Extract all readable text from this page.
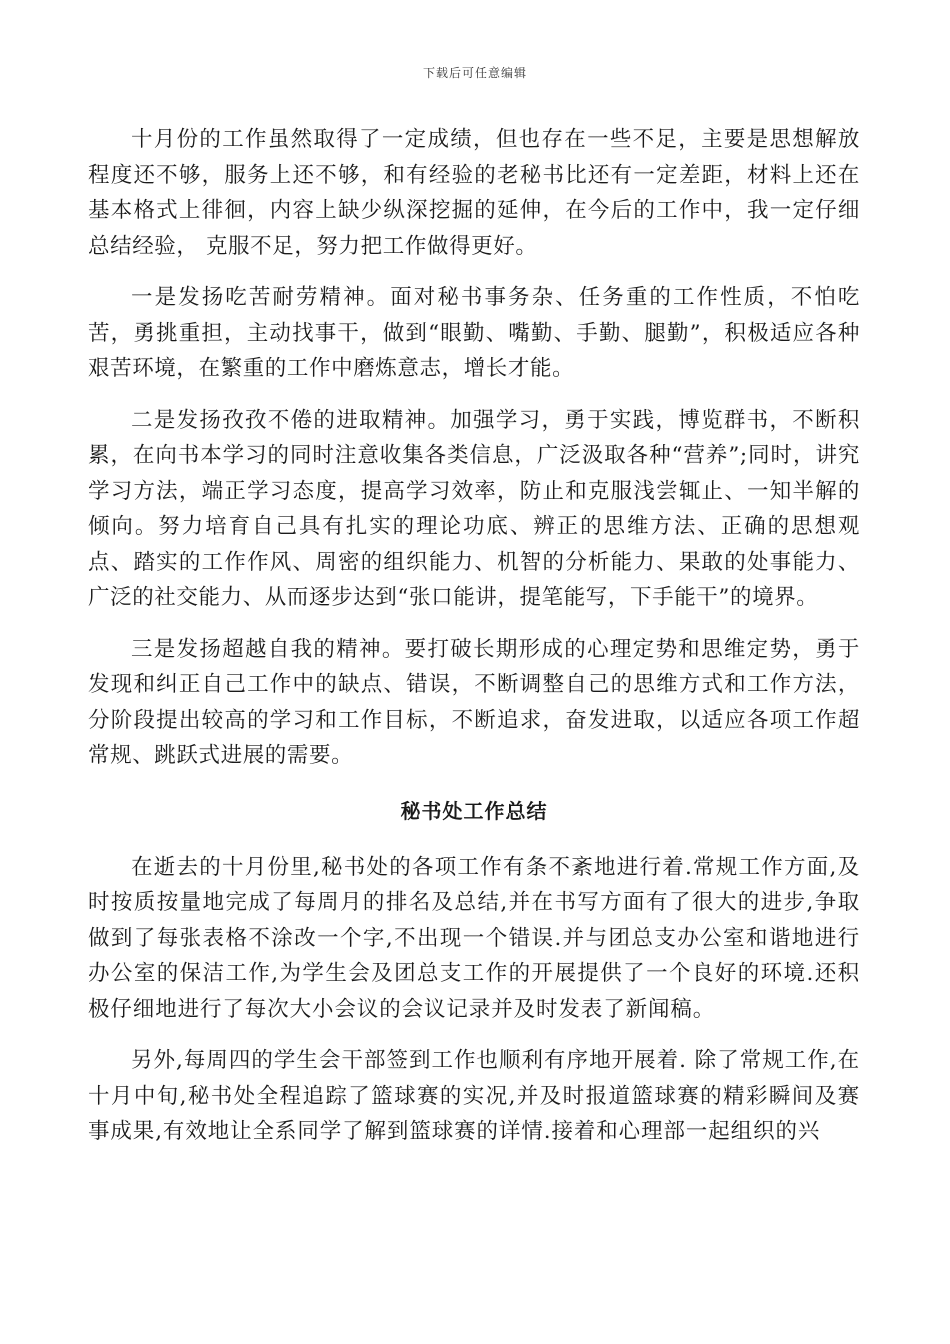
下载后可任意编辑

十月份的工作虽然取得了一定成绩，但也存在一些不足，主要是思想解放程度还不够，服务上还不够，和有经验的老秘书比还有一定差距，材料上还在基本格式上徘徊，内容上缺少纵深挖掘的延伸，在今后的工作中，我一定仔细总结经验， 克服不足，努力把工作做得更好。

一是发扬吃苦耐劳精神。面对秘书事务杂、任务重的工作性质，不怕吃苦，勇挑重担，主动找事干，做到“眼勤、嘴勤、手勤、腿勤”，积极适应各种艰苦环境，在繁重的工作中磨炼意志，增长才能。

二是发扬孜孜不倦的进取精神。加强学习，勇于实践，博览群书，不断积累，在向书本学习的同时注意收集各类信息，广泛汲取各种“营养”;同时，讲究学习方法，端正学习态度，提高学习效率，防止和克服浅尝辄止、一知半解的倾向。努力培育自己具有扎实的理论功底、辨正的思维方法、正确的思想观点、踏实的工作作风、周密的组织能力、机智的分析能力、果敢的处事能力、广泛的社交能力、从而逐步达到“张口能讲，提笔能写，下手能干”的境界。

三是发扬超越自我的精神。要打破长期形成的心理定势和思维定势，勇于发现和纠正自己工作中的缺点、错误，不断调整自己的思维方式和工作方法，分阶段提出较高的学习和工作目标，不断追求，奋发进取，以适应各项工作超常规、跳跃式进展的需要。

秘书处工作总结

在逝去的十月份里,秘书处的各项工作有条不紊地进行着.常规工作方面,及时按质按量地完成了每周月的排名及总结,并在书写方面有了很大的进步,争取做到了每张表格不涂改一个字,不出现一个错误.并与团总支办公室和谐地进行办公室的保洁工作,为学生会及团总支工作的开展提供了一个良好的环境.还积极仔细地进行了每次大小会议的会议记录并及时发表了新闻稿。

另外,每周四的学生会干部签到工作也顺利有序地开展着. 除了常规工作,在十月中旬,秘书处全程追踪了篮球赛的实况,并及时报道篮球赛的精彩瞬间及赛事成果,有效地让全系同学了解到篮球赛的详情.接着和心理部一起组织的兴
